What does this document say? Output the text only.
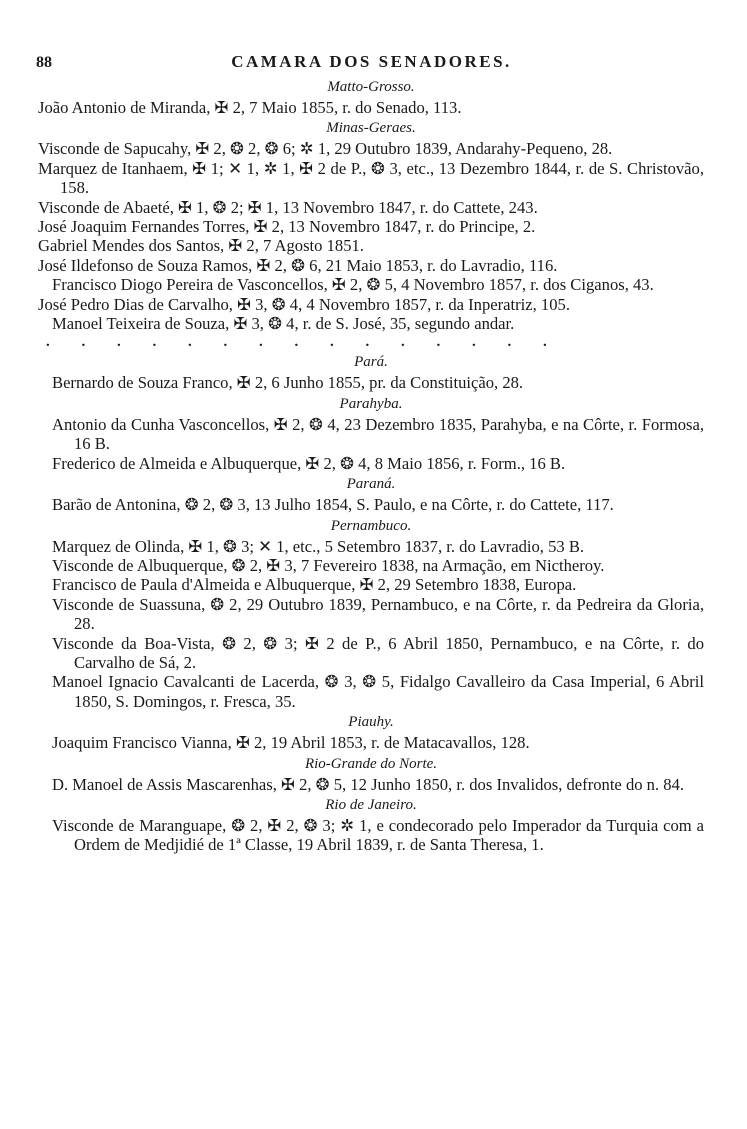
88	CAMARA DOS SENADORES.
Matto-Grosso.

João Antonio de Miranda, ✠ 2, 7 Maio 1855, r. do Senado, 113.

Minas-Geraes.

Visconde de Sapucahy, ✠ 2, ❂ 2, ❂ 6; ✲ 1, 29 Outubro 1839, Andarahy-Pequeno, 28.

Marquez de Itanhaem, ✠ 1; ✕ 1, ✲ 1, ✠ 2 de P., ❂ 3, etc., 13 Dezembro 1844, r. de S. Christovão, 158.

Visconde de Abaeté, ✠ 1, ❂ 2; ✠ 1, 13 Novembro 1847, r. do Cattete, 243.

José Joaquim Fernandes Torres, ✠ 2, 13 Novembro 1847, r. do Principe, 2.

Gabriel Mendes dos Santos, ✠ 2, 7 Agosto 1851.

José Ildefonso de Souza Ramos, ✠ 2, ❂ 6, 21 Maio 1853, r. do Lavradio, 116.

Francisco Diogo Pereira de Vasconcellos, ✠ 2, ❂ 5, 4 Novembro 1857, r. dos Ciganos, 43.

José Pedro Dias de Carvalho, ✠ 3, ❂ 4, 4 Novembro 1857, r. da Inperatriz, 105.

Manoel Teixeira de Souza, ✠ 3, ❂ 4, r. de S. José, 35, segundo andar.

. . . . . . . . . . . . . . .
Pará.

Bernardo de Souza Franco, ✠ 2, 6 Junho 1855, pr. da Constituição, 28.

Parahyba.

Antonio da Cunha Vasconcellos, ✠ 2, ❂ 4, 23 Dezembro 1835, Parahyba, e na Côrte, r. Formosa, 16 B.

Frederico de Almeida e Albuquerque, ✠ 2, ❂ 4, 8 Maio 1856, r. Form., 16 B.

Paraná.

Barão de Antonina, ❂ 2, ❂ 3, 13 Julho 1854, S. Paulo, e na Côrte, r. do Cattete, 117.

Pernambuco.

Marquez de Olinda, ✠ 1, ❂ 3; ✕ 1, etc., 5 Setembro 1837, r. do Lavradio, 53 B.

Visconde de Albuquerque, ❂ 2, ✠ 3, 7 Fevereiro 1838, na Armação, em Nictheroy.

Francisco de Paula d'Almeida e Albuquerque, ✠ 2, 29 Setembro 1838, Europa.

Visconde de Suassuna, ❂ 2, 29 Outubro 1839, Pernambuco, e na Côrte, r. da Pedreira da Gloria, 28.

Visconde da Boa-Vista, ❂ 2, ❂ 3; ✠ 2 de P., 6 Abril 1850, Pernambuco, e na Côrte, r. do Carvalho de Sá, 2.

Manoel Ignacio Cavalcanti de Lacerda, ❂ 3, ❂ 5, Fidalgo Cavalleiro da Casa Imperial, 6 Abril 1850, S. Domingos, r. Fresca, 35.

Piauhy.

Joaquim Francisco Vianna, ✠ 2, 19 Abril 1853, r. de Matacavallos, 128.

Rio-Grande do Norte.

D. Manoel de Assis Mascarenhas, ✠ 2, ❂ 5, 12 Junho 1850, r. dos Invalidos, defronte do n. 84.

Rio de Janeiro.

Visconde de Maranguape, ❂ 2, ✠ 2, ❂ 3; ✲ 1, e condecorado pelo Imperador da Turquia com a Ordem de Medjidié de 1ª Classe, 19 Abril 1839, r. de Santa Theresa, 1.
